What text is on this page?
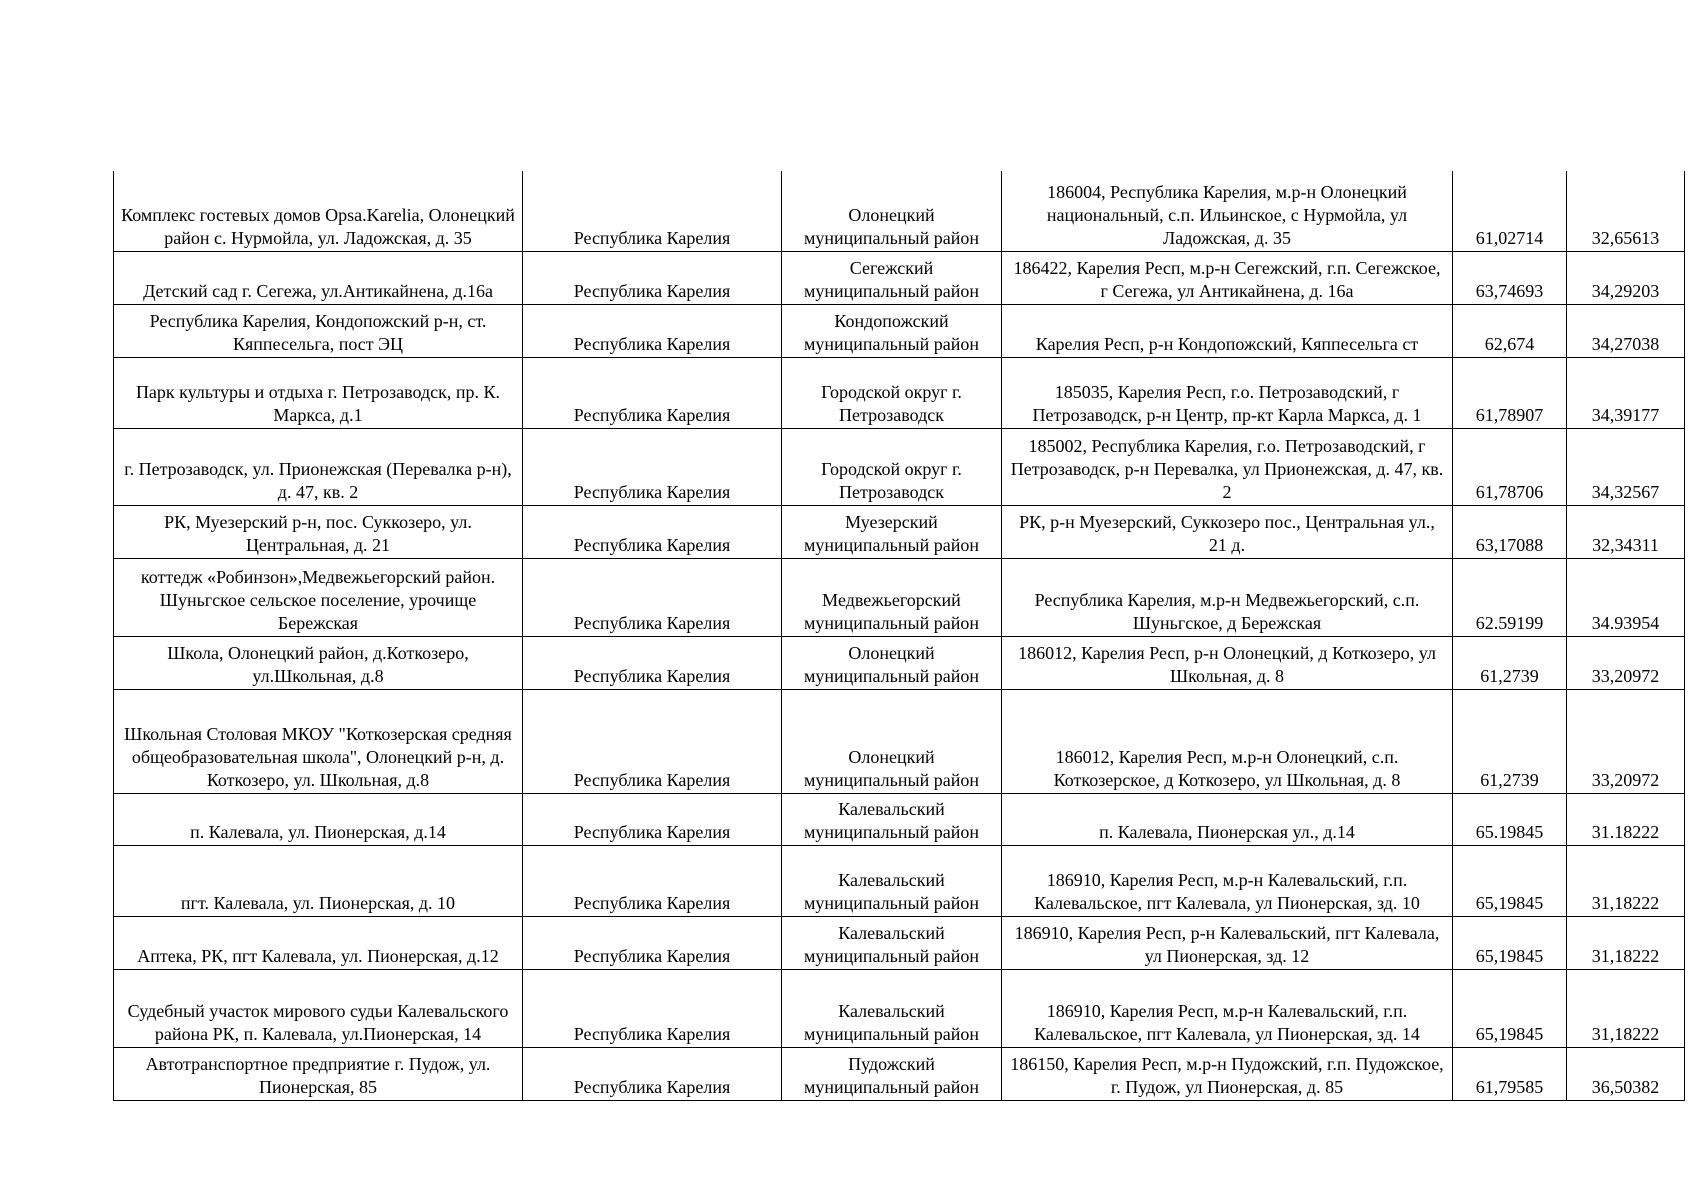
Комплекс гостевых домов Opsa.Karelia, Олонецкий район с. Нурмойла, ул. Ладожская, д. 35	Республика Карелия	Олонецкий муниципальный район	186004, Республика Карелия, м.р-н Олонецкий национальный, с.п. Ильинское, с Нурмойла, ул Ладожская, д. 35	61,02714	32,65613
Детский сад г. Сегежа, ул.Антикайнена, д.16а	Республика Карелия	Сегежский муниципальный район	186422, Карелия Респ, м.р-н Сегежский, г.п. Сегежское, г Сегежа, ул Антикайнена, д. 16а	63,74693	34,29203
Республика Карелия, Кондопожский р-н, ст. Кяппесельга, пост ЭЦ	Республика Карелия	Кондопожский муниципальный район	Карелия Респ, р-н Кондопожский, Кяппесельга ст	62,674	34,27038
Парк культуры и отдыха г. Петрозаводск, пр. К. Маркса, д.1	Республика Карелия	Городской округ г. Петрозаводск	185035, Карелия Респ, г.о. Петрозаводский, г Петрозаводск, р-н Центр, пр-кт Карла Маркса, д. 1	61,78907	34,39177
г. Петрозаводск, ул. Прионежская (Перевалка р-н), д. 47, кв. 2	Республика Карелия	Городской округ г. Петрозаводск	185002, Республика Карелия, г.о. Петрозаводский, г Петрозаводск, р-н Перевалка, ул Прионежская, д. 47, кв. 2	61,78706	34,32567
РК, Муезерский р-н, пос. Суккозеро, ул. Центральная, д. 21	Республика Карелия	Муезерский муниципальный район	РК, р-н Муезерский, Суккозеро пос., Центральная ул., 21 д.	63,17088	32,34311
коттедж «Робинзон»,Медвежьегорский район. Шуньгское сельское поселение, урочище Бережская	Республика Карелия	Медвежьегорский муниципальный район	Республика Карелия, м.р-н Медвежьегорский, с.п. Шуньгское, д Бережская	62.59199	34.93954
Школа, Олонецкий район, д.Коткозеро, ул.Школьная, д.8	Республика Карелия	Олонецкий муниципальный район	186012, Карелия Респ, р-н Олонецкий, д Коткозеро, ул Школьная, д. 8	61,2739	33,20972
Школьная Столовая МКОУ "Коткозерская средняя общеобразовательная школа", Олонецкий р-н, д. Коткозеро, ул. Школьная, д.8	Республика Карелия	Олонецкий муниципальный район	186012, Карелия Респ, м.р-н Олонецкий, с.п. Коткозерское, д Коткозеро, ул Школьная, д. 8	61,2739	33,20972
п. Калевала, ул. Пионерская, д.14	Республика Карелия	Калевальский муниципальный район	п. Калевала, Пионерская ул., д.14	65.19845	31.18222
пгт. Калевала, ул. Пионерская, д. 10	Республика Карелия	Калевальский муниципальный район	186910, Карелия Респ, м.р-н Калевальский, г.п. Калевальское, пгт Калевала, ул Пионерская, зд. 10	65,19845	31,18222
Аптека, РК, пгт Калевала, ул. Пионерская, д.12	Республика Карелия	Калевальский муниципальный район	186910, Карелия Респ, р-н Калевальский, пгт Калевала, ул Пионерская, зд. 12	65,19845	31,18222
Судебный участок мирового судьи Калевальского района РК, п. Калевала, ул.Пионерская, 14	Республика Карелия	Калевальский муниципальный район	186910, Карелия Респ, м.р-н Калевальский, г.п. Калевальское, пгт Калевала, ул Пионерская, зд. 14	65,19845	31,18222
Автотранспортное предприятие г. Пудож, ул. Пионерская, 85	Республика Карелия	Пудожский муниципальный район	186150, Карелия Респ, м.р-н Пудожский, г.п. Пудожское, г. Пудож, ул Пионерская, д. 85	61,79585	36,50382
